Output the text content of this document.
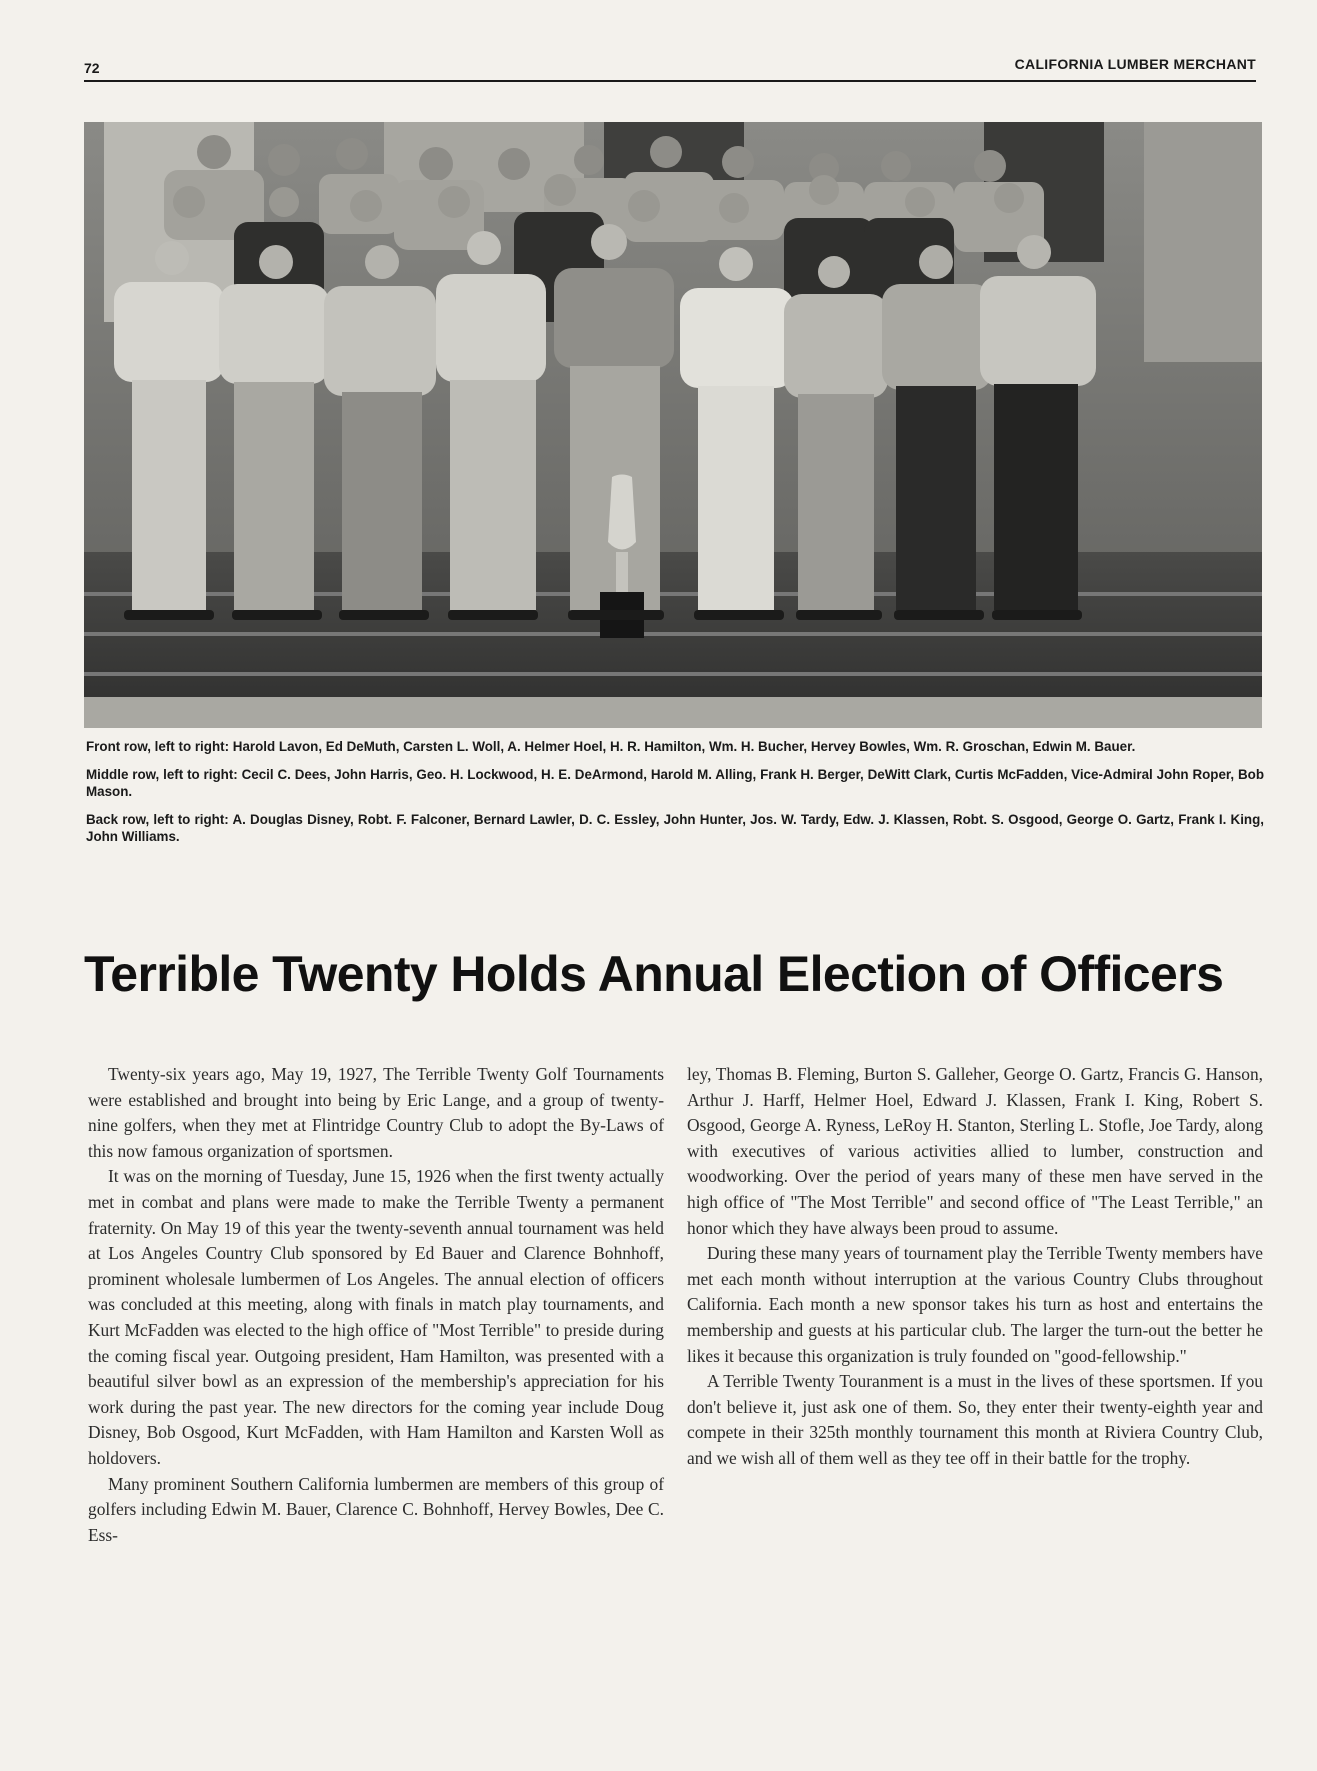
72	CALIFORNIA LUMBER MERCHANT

Front row, left to right: Harold Lavon, Ed DeMuth, Carsten L. Woll, A. Helmer Hoel, H. R. Hamilton, Wm. H. Bucher, Hervey Bowles, Wm. R. Groschan, Edwin M. Bauer.

Middle row, left to right: Cecil C. Dees, John Harris, Geo. H. Lockwood, H. E. DeArmond, Harold M. Alling, Frank H. Berger, DeWitt Clark, Curtis McFadden, Vice-Admiral John Roper, Bob Mason.

Back row, left to right: A. Douglas Disney, Robt. F. Falconer, Bernard Lawler, D. C. Essley, John Hunter, Jos. W. Tardy, Edw. J. Klassen, Robt. S. Osgood, George O. Gartz, Frank I. King, John Williams.

Terrible Twenty Holds Annual Election of Officers

Twenty-six years ago, May 19, 1927, The Terrible Twenty Golf Tournaments were established and brought into being by Eric Lange, and a group of twenty-nine golfers, when they met at Flintridge Country Club to adopt the By-Laws of this now famous organization of sportsmen.

It was on the morning of Tuesday, June 15, 1926 when the first twenty actually met in combat and plans were made to make the Terrible Twenty a permanent fraternity. On May 19 of this year the twenty-seventh annual tournament was held at Los Angeles Country Club sponsored by Ed Bauer and Clarence Bohnhoff, prominent wholesale lumbermen of Los Angeles. The annual election of officers was concluded at this meeting, along with finals in match play tournaments, and Kurt McFadden was elected to the high office of "Most Terrible" to preside during the coming fiscal year. Outgoing president, Ham Hamilton, was presented with a beautiful silver bowl as an expression of the membership's appreciation for his work during the past year. The new directors for the coming year include Doug Disney, Bob Osgood, Kurt McFadden, with Ham Hamilton and Karsten Woll as holdovers.

Many prominent Southern California lumbermen are members of this group of golfers including Edwin M. Bauer, Clarence C. Bohnhoff, Hervey Bowles, Dee C. Ess-

ley, Thomas B. Fleming, Burton S. Galleher, George O. Gartz, Francis G. Hanson, Arthur J. Harff, Helmer Hoel, Edward J. Klassen, Frank I. King, Robert S. Osgood, George A. Ryness, LeRoy H. Stanton, Sterling L. Stofle, Joe Tardy, along with executives of various activities allied to lumber, construction and woodworking. Over the period of years many of these men have served in the high office of "The Most Terrible" and second office of "The Least Terrible," an honor which they have always been proud to assume.

During these many years of tournament play the Terrible Twenty members have met each month without interruption at the various Country Clubs throughout California. Each month a new sponsor takes his turn as host and entertains the membership and guests at his particular club. The larger the turn-out the better he likes it because this organization is truly founded on "good-fellowship."

A Terrible Twenty Touranment is a must in the lives of these sportsmen. If you don't believe it, just ask one of them. So, they enter their twenty-eighth year and compete in their 325th monthly tournament this month at Riviera Country Club, and we wish all of them well as they tee off in their battle for the trophy.
